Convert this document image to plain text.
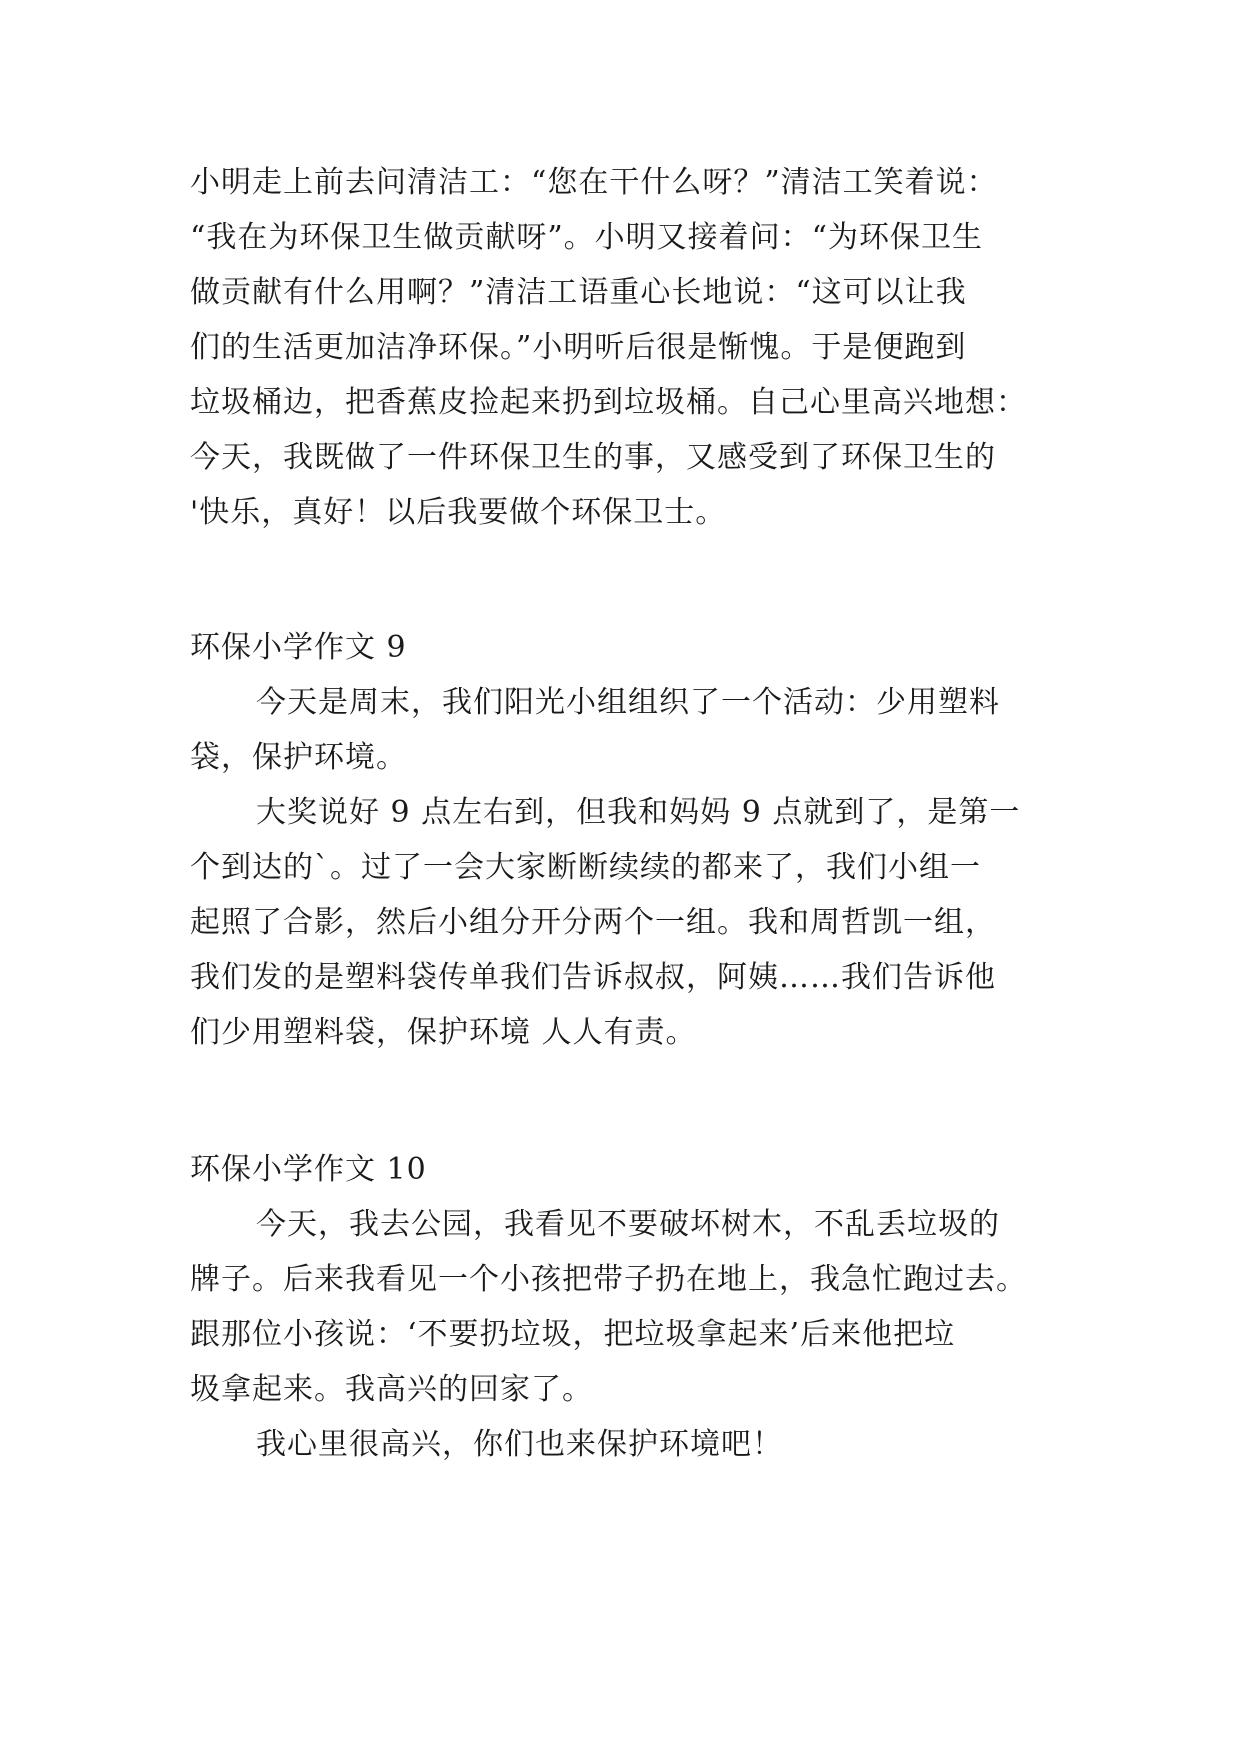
小明走上前去问清洁工：“您在干什么呀？”清洁工笑着说：
“我在为环保卫生做贡献呀”。小明又接着问：“为环保卫生
做贡献有什么用啊？”清洁工语重心长地说：“这可以让我
们的生活更加洁净环保。”小明听后很是惭愧。于是便跑到
垃圾桶边，把香蕉皮捡起来扔到垃圾桶。自己心里高兴地想：
今天，我既做了一件环保卫生的事，又感受到了环保卫生的
'快乐，真好！以后我要做个环保卫士。
环保小学作文 9
今天是周末，我们阳光小组组织了一个活动：少用塑料
袋，保护环境。
大奖说好 9 点左右到，但我和妈妈 9 点就到了，是第一
个到达的`。过了一会大家断断续续的都来了，我们小组一
起照了合影，然后小组分开分两个一组。我和周哲凯一组，
我们发的是塑料袋传单我们告诉叔叔，阿姨……我们告诉他
们少用塑料袋，保护环境 人人有责。
环保小学作文 10
今天，我去公园，我看见不要破坏树木，不乱丢垃圾的
牌子。后来我看见一个小孩把带子扔在地上，我急忙跑过去。
跟那位小孩说：‘不要扔垃圾，把垃圾拿起来’后来他把垃
圾拿起来。我高兴的回家了。
我心里很高兴，你们也来保护环境吧！
